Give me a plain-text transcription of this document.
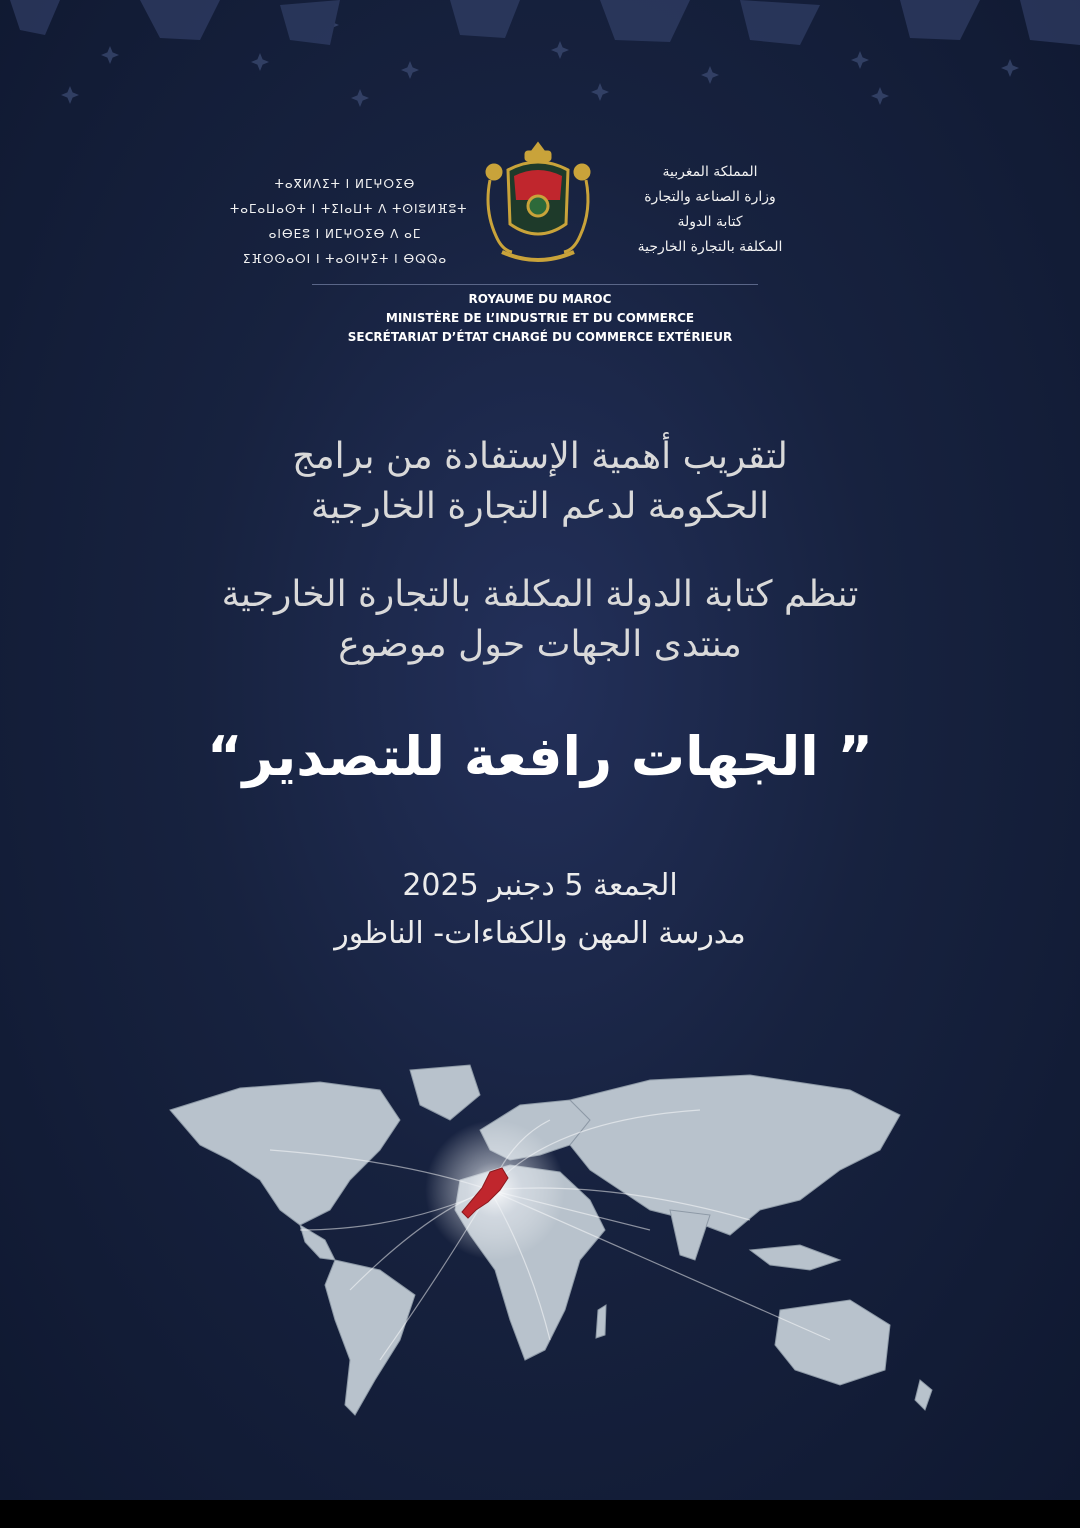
ⵜⴰⴳⵍⴷⵉⵜ ⵏ ⵍⵎⵖⵔⵉⴱ
ⵜⴰⵎⴰⵡⴰⵙⵜ ⵏ ⵜⵉⵏⴰⵡⵜ ⴷ ⵜⵙⵏⵓⵍⴼⵓⵜ
ⴰⵏⴱⴹⵓ ⵏ ⵍⵎⵖⵔⵉⴱ ⴷ ⴰⵎ
ⵉⴼⵙⵙⴰⵔⵏ ⵏ ⵜⴰⵙⵏⵖⵉⵜ ⵏ ⴱⵕⵕⴰ
المملكة المغربية
وزارة الصناعة والتجارة
كتابة الدولة
المكلفة بالتجارة الخارجية
ROYAUME DU MAROC
MINISTÈRE DE L’INDUSTRIE ET DU COMMERCE
SECRÉTARIAT D’ÉTAT CHARGÉ DU COMMERCE EXTÉRIEUR
لتقريب أهمية الإستفادة من برامج
الحكومة لدعم التجارة الخارجية
تنظم كتابة الدولة المكلفة بالتجارة الخارجية
منتدى الجهات حول موضوع
” الجهات رافعة للتصدير“
الجمعة 5 دجنبر 2025
مدرسة المهن والكفاءات- الناظور
